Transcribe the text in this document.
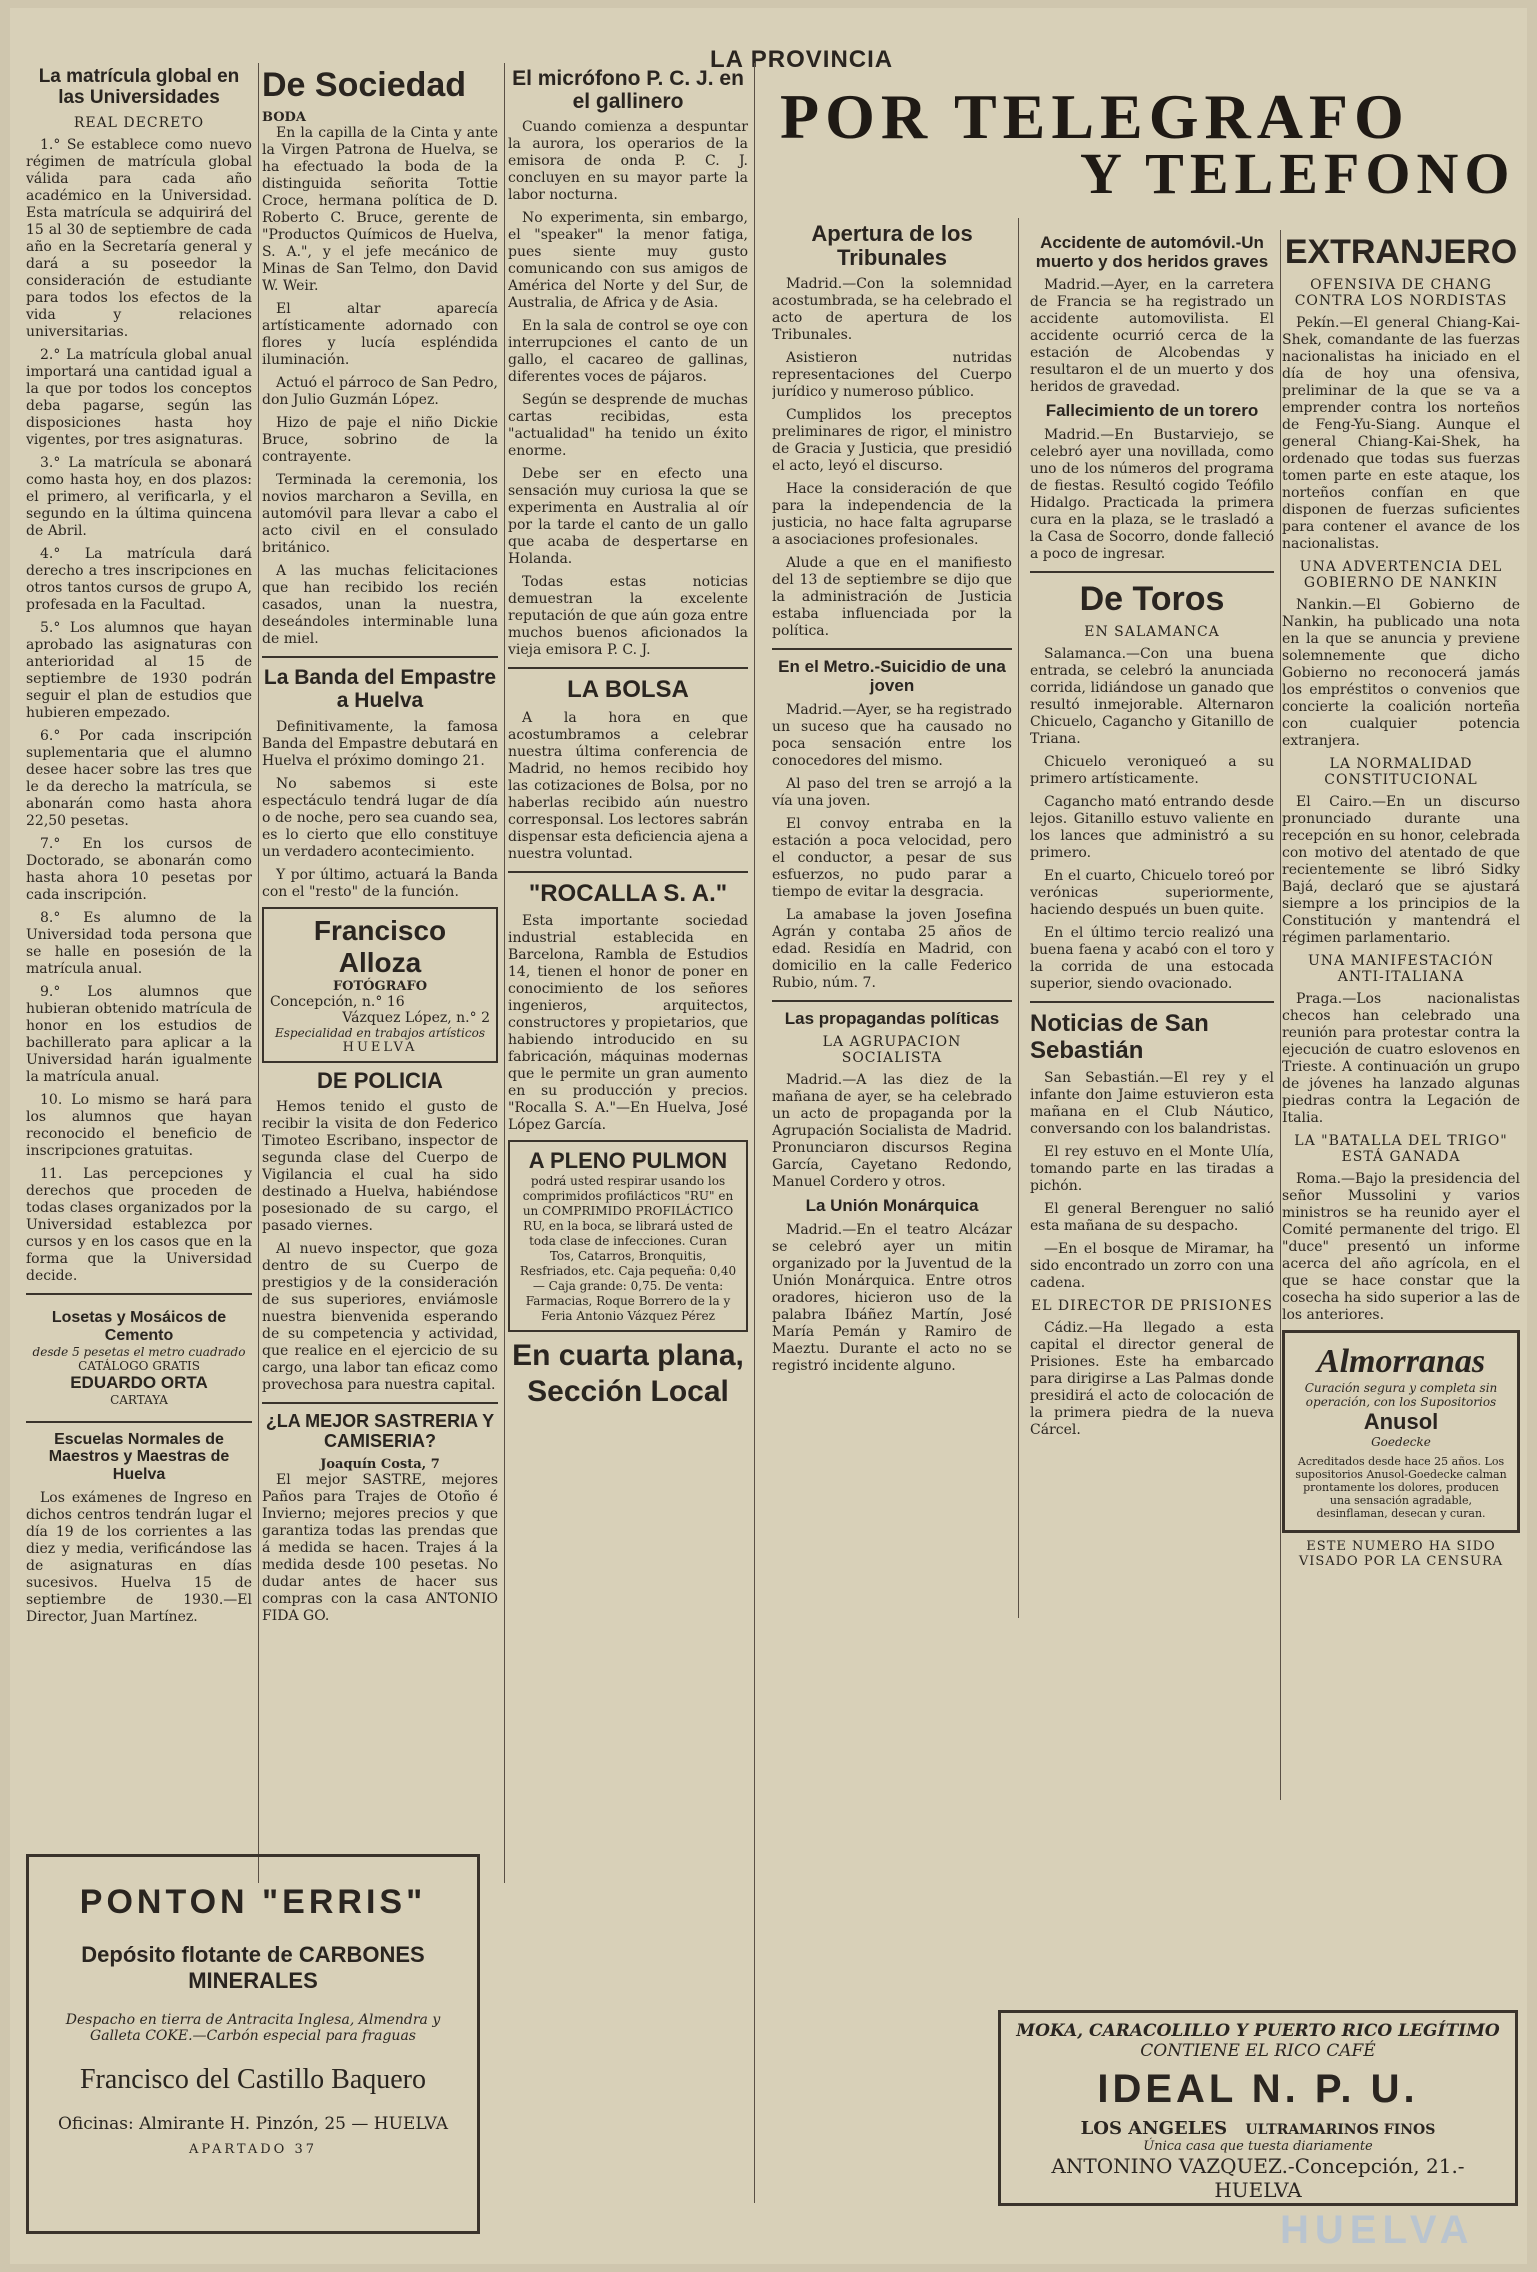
LA PROVINCIA
POR TELEGRAFO
Y TELEFONO
La matrícula global en las Universidades
REAL DECRETO

1.° Se establece como nuevo régimen de matrícula global válida para cada año académico en la Universidad. Esta matrícula se adquirirá del 15 al 30 de septiembre de cada año en la Secretaría general y dará a su poseedor la consideración de estudiante para todos los efectos de la vida y relaciones universitarias.

2.° La matrícula global anual importará una cantidad igual a la que por todos los conceptos deba pagarse, según las disposiciones hasta hoy vigentes, por tres asignaturas.

3.° La matrícula se abonará como hasta hoy, en dos plazos: el primero, al verificarla, y el segundo en la última quincena de Abril.

4.° La matrícula dará derecho a tres inscripciones en otros tantos cursos de grupo A, profesada en la Facultad.

5.° Los alumnos que hayan aprobado las asignaturas con anterioridad al 15 de septiembre de 1930 podrán seguir el plan de estudios que hubieren empezado.

6.° Por cada inscripción suplementaria que el alumno desee hacer sobre las tres que le da derecho la matrícula, se abonarán como hasta ahora 22,50 pesetas.

7.° En los cursos de Doctorado, se abonarán como hasta ahora 10 pesetas por cada inscripción.

8.° Es alumno de la Universidad toda persona que se halle en posesión de la matrícula anual.

9.° Los alumnos que hubieran obtenido matrícula de honor en los estudios de bachillerato para aplicar a la Universidad harán igualmente la matrícula anual.

10. Lo mismo se hará para los alumnos que hayan reconocido el beneficio de inscripciones gratuitas.

11. Las percepciones y derechos que proceden de todas clases organizados por la Universidad establezca por cursos y en los casos que en la forma que la Universidad decide.

Losetas y Mosáicos de Cemento
desde 5 pesetas el metro cuadrado
CATÁLOGO GRATIS
EDUARDO ORTA
CARTAYA
Escuelas Normales de Maestros y Maestras de Huelva

Los exámenes de Ingreso en dichos centros tendrán lugar el día 19 de los corrientes a las diez y media, verificándose las de asignaturas en días sucesivos. Huelva 15 de septiembre de 1930.—El Director, Juan Martínez.

De Sociedad
BODA

En la capilla de la Cinta y ante la Virgen Patrona de Huelva, se ha efectuado la boda de la distinguida señorita Tottie Croce, hermana política de D. Roberto C. Bruce, gerente de "Productos Químicos de Huelva, S. A.", y el jefe mecánico de Minas de San Telmo, don David W. Weir.

El altar aparecía artísticamente adornado con flores y lucía espléndida iluminación.

Actuó el párroco de San Pedro, don Julio Guzmán López.

Hizo de paje el niño Dickie Bruce, sobrino de la contrayente.

Terminada la ceremonia, los novios marcharon a Sevilla, en automóvil para llevar a cabo el acto civil en el consulado británico.

A las muchas felicitaciones que han recibido los recién casados, unan la nuestra, deseándoles interminable luna de miel.

La Banda del Empastre a Huelva

Definitivamente, la famosa Banda del Empastre debutará en Huelva el próximo domingo 21.

No sabemos si este espectáculo tendrá lugar de día o de noche, pero sea cuando sea, es lo cierto que ello constituye un verdadero acontecimiento.

Y por último, actuará la Banda con el "resto" de la función.

Francisco Alloza
FOTÓGRAFO
Concepción, n.° 16
Vázquez López, n.° 2
Especialidad en trabajos artísticos
HUELVA
DE POLICIA

Hemos tenido el gusto de recibir la visita de don Federico Timoteo Escribano, inspector de segunda clase del Cuerpo de Vigilancia el cual ha sido destinado a Huelva, habiéndose posesionado de su cargo, el pasado viernes.

Al nuevo inspector, que goza dentro de su Cuerpo de prestigios y de la consideración de sus superiores, enviámosle nuestra bienvenida esperando de su competencia y actividad, que realice en el ejercicio de su cargo, una labor tan eficaz como provechosa para nuestra capital.

¿LA MEJOR SASTRERIA Y CAMISERIA?
Joaquín Costa, 7

El mejor SASTRE, mejores Paños para Trajes de Otoño é Invierno; mejores precios y que garantiza todas las prendas que á medida se hacen. Trajes á la medida desde 100 pesetas. No dudar antes de hacer sus compras con la casa ANTONIO FIDA GO.

El micrófono P. C. J. en el gallinero

Cuando comienza a despuntar la aurora, los operarios de la emisora de onda P. C. J. concluyen en su mayor parte la labor nocturna.

No experimenta, sin embargo, el "speaker" la menor fatiga, pues siente muy gusto comunicando con sus amigos de América del Norte y del Sur, de Australia, de Africa y de Asia.

En la sala de control se oye con interrupciones el canto de un gallo, el cacareo de gallinas, diferentes voces de pájaros.

Según se desprende de muchas cartas recibidas, esta "actualidad" ha tenido un éxito enorme.

Debe ser en efecto una sensación muy curiosa la que se experimenta en Australia al oír por la tarde el canto de un gallo que acaba de despertarse en Holanda.

Todas estas noticias demuestran la excelente reputación de que aún goza entre muchos buenos aficionados la vieja emisora P. C. J.

LA BOLSA

A la hora en que acostumbramos a celebrar nuestra última conferencia de Madrid, no hemos recibido hoy las cotizaciones de Bolsa, por no haberlas recibido aún nuestro corresponsal. Los lectores sabrán dispensar esta deficiencia ajena a nuestra voluntad.

"ROCALLA S. A."

Esta importante sociedad industrial establecida en Barcelona, Rambla de Estudios 14, tienen el honor de poner en conocimiento de los señores ingenieros, arquitectos, constructores y propietarios, que habiendo introducido en su fabricación, máquinas modernas que le permite un gran aumento en su producción y precios. "Rocalla S. A."—En Huelva, José López García.

A PLENO PULMON
podrá usted respirar usando los comprimidos profilácticos "RU" en un COMPRIMIDO PROFILÁCTICO RU, en la boca, se librará usted de toda clase de infecciones. Curan Tos, Catarros, Bronquitis, Resfriados, etc. Caja pequeña: 0,40 — Caja grande: 0,75. De venta: Farmacias, Roque Borrero de la y Feria Antonio Vázquez Pérez
En cuarta plana, Sección Local
Apertura de los Tribunales

Madrid.—Con la solemnidad acostumbrada, se ha celebrado el acto de apertura de los Tribunales.

Asistieron nutridas representaciones del Cuerpo jurídico y numeroso público.

Cumplidos los preceptos preliminares de rigor, el ministro de Gracia y Justicia, que presidió el acto, leyó el discurso.

Hace la consideración de que para la independencia de la justicia, no hace falta agruparse a asociaciones profesionales.

Alude a que en el manifiesto del 13 de septiembre se dijo que la administración de Justicia estaba influenciada por la política.

En el Metro.-Suicidio de una joven

Madrid.—Ayer, se ha registrado un suceso que ha causado no poca sensación entre los conocedores del mismo.

Al paso del tren se arrojó a la vía una joven.

El convoy entraba en la estación a poca velocidad, pero el conductor, a pesar de sus esfuerzos, no pudo parar a tiempo de evitar la desgracia.

La amabase la joven Josefina Agrán y contaba 25 años de edad. Residía en Madrid, con domicilio en la calle Federico Rubio, núm. 7.

Las propagandas políticas
LA AGRUPACION SOCIALISTA

Madrid.—A las diez de la mañana de ayer, se ha celebrado un acto de propaganda por la Agrupación Socialista de Madrid. Pronunciaron discursos Regina García, Cayetano Redondo, Manuel Cordero y otros.

La Unión Monárquica

Madrid.—En el teatro Alcázar se celebró ayer un mitin organizado por la Juventud de la Unión Monárquica. Entre otros oradores, hicieron uso de la palabra Ibáñez Martín, José María Pemán y Ramiro de Maeztu. Durante el acto no se registró incidente alguno.

Accidente de automóvil.-Un muerto y dos heridos graves

Madrid.—Ayer, en la carretera de Francia se ha registrado un accidente automovilista. El accidente ocurrió cerca de la estación de Alcobendas y resultaron el de un muerto y dos heridos de gravedad.

Fallecimiento de un torero

Madrid.—En Bustarviejo, se celebró ayer una novillada, como uno de los números del programa de fiestas. Resultó cogido Teófilo Hidalgo. Practicada la primera cura en la plaza, se le trasladó a la Casa de Socorro, donde falleció a poco de ingresar.

De Toros
EN SALAMANCA

Salamanca.—Con una buena entrada, se celebró la anunciada corrida, lidiándose un ganado que resultó inmejorable. Alternaron Chicuelo, Cagancho y Gitanillo de Triana.

Chicuelo veroniqueó a su primero artísticamente.

Cagancho mató entrando desde lejos. Gitanillo estuvo valiente en los lances que administró a su primero.

En el cuarto, Chicuelo toreó por verónicas superiormente, haciendo después un buen quite.

En el último tercio realizó una buena faena y acabó con el toro y la corrida de una estocada superior, siendo ovacionado.

Noticias de San Sebastián

San Sebastián.—El rey y el infante don Jaime estuvieron esta mañana en el Club Náutico, conversando con los balandristas.

El rey estuvo en el Monte Ulía, tomando parte en las tiradas a pichón.

El general Berenguer no salió esta mañana de su despacho.

—En el bosque de Miramar, ha sido encontrado un zorro con una cadena.

EL DIRECTOR DE PRISIONES

Cádiz.—Ha llegado a esta capital el director general de Prisiones. Este ha embarcado para dirigirse a Las Palmas donde presidirá el acto de colocación de la primera piedra de la nueva Cárcel.

EXTRANJERO
OFENSIVA DE CHANG CONTRA LOS NORDISTAS

Pekín.—El general Chiang-Kai-Shek, comandante de las fuerzas nacionalistas ha iniciado en el día de hoy una ofensiva, preliminar de la que se va a emprender contra los norteños de Feng-Yu-Siang. Aunque el general Chiang-Kai-Shek, ha ordenado que todas sus fuerzas tomen parte en este ataque, los norteños confían en que disponen de fuerzas suficientes para contener el avance de los nacionalistas.

UNA ADVERTENCIA DEL GOBIERNO DE NANKIN

Nankin.—El Gobierno de Nankin, ha publicado una nota en la que se anuncia y previene solemnemente que dicho Gobierno no reconocerá jamás los empréstitos o convenios que concierte la coalición norteña con cualquier potencia extranjera.

LA NORMALIDAD CONSTITUCIONAL

El Cairo.—En un discurso pronunciado durante una recepción en su honor, celebrada con motivo del atentado de que recientemente se libró Sidky Bajá, declaró que se ajustará siempre a los principios de la Constitución y mantendrá el régimen parlamentario.

UNA MANIFESTACIÓN ANTI-ITALIANA

Praga.—Los nacionalistas checos han celebrado una reunión para protestar contra la ejecución de cuatro eslovenos en Trieste. A continuación un grupo de jóvenes ha lanzado algunas piedras contra la Legación de Italia.

LA "BATALLA DEL TRIGO" ESTÁ GANADA

Roma.—Bajo la presidencia del señor Mussolini y varios ministros se ha reunido ayer el Comité permanente del trigo. El "duce" presentó un informe acerca del año agrícola, en el que se hace constar que la cosecha ha sido superior a las de los anteriores.

Almorranas
Curación segura y completa sin operación, con los Supositorios
Anusol
Goedecke
Acreditados desde hace 25 años. Los supositorios Anusol-Goedecke calman prontamente los dolores, producen una sensación agradable, desinflaman, desecan y curan.
ESTE NUMERO HA SIDO VISADO POR LA CENSURA
PONTON "ERRIS"
Depósito flotante de CARBONES MINERALES
Despacho en tierra de Antracita Inglesa, Almendra y Galleta COKE.—Carbón especial para fraguas
Francisco del Castillo Baquero
Oficinas: Almirante H. Pinzón, 25 — HUELVA
APARTADO 37
MOKA, CARACOLILLO Y PUERTO RICO LEGÍTIMO
CONTIENE EL RICO CAFÉ
IDEAL N. P. U.
LOS ANGELES ULTRAMARINOS FINOS
Única casa que tuesta diariamente
ANTONINO VAZQUEZ.-Concepción, 21.-HUELVA
HUELVA
